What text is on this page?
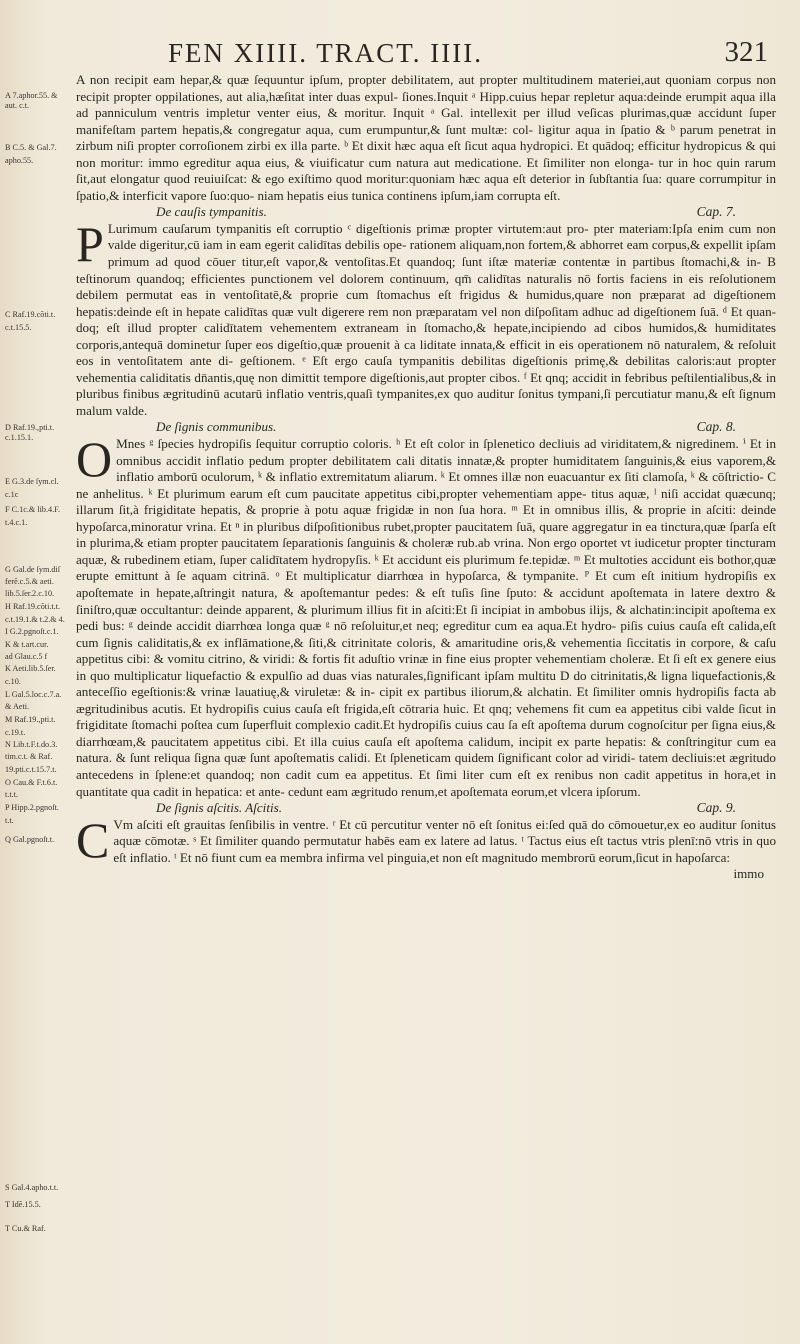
FEN XIIII. TRACT. IIII.	321
A 7.aphor.55. &
aut. c.t.
B C.5. & Gal.7.
apho.55.
C Raf.19.cõti.t.
c.t.15.5.
D Raf.19.,pti.t.
c.1.15.1.
E G.3.de ſym.cl.
c.1c
F C.1c.& lib.4.F.
t.4.c.1.
G Gal.de ſym.diſ
ferẽ.c.5.& aeti.
lib.5.ſer.2.c.10.
H Raf.19.cõti.t.t.
c.t.19.1.& t.2.& 4.
I G.2.pgnoſt.c.1.
K & t.art.cur.
ad Glau.c.5 f
K Aeti.lib.5.ſer.
c.10.
L Gal.5.loc.c.7.a.
& Aeti.
M Raf.19.,pti.t.
c.19.t.
N Lib.t.F.t.do.3.
tim.c.t. & Raf.
19.pti.c.t.15.7.t.
O Cau.& F.t.6.t.
t.t.t.
P Hipp.2.pgnoſt.
t.t.
Q Gal.pgnoſt.t.
S Gal.4.apho.t.t.
T Idẽ.15.5.
T Cu.& Raf.

A non recipit eam hepar,& quæ ſequuntur ipſum, propter debilitatem, aut propter multitudinem materiei,aut quoniam corpus non recipit propter oppilationes, aut alia,hæſitat inter duas expul- ſiones.Inquit ᵃ Hipp.cuius hepar repletur aqua:deinde erumpit aqua illa ad panniculum ventris impletur venter eius, & moritur. Inquit ᵃ Gal. intellexit per illud veſicas plurimas,quæ accidunt ſuper manifeſtam partem hepatis,& congregatur aqua, cum erumpuntur,& ſunt multæ: col- ligitur aqua in ſpatio & ᵇ parum penetrat in zirbum niſi propter corroſionem zirbi ex illa parte. ᵇ Et dixit hæc aqua eſt ſicut aqua hydropici. Et quādoq; efficitur hydropicus & qui non moritur: immo egreditur aqua eius, & viuificatur cum natura aut medicatione. Et ſimiliter non elonga- tur in hoc quin rarum ſit,aut elongatur quod reuiuiſcat: & ego exiſtimo quod moritur:quoniam hæc aqua eſt deterior in ſubſtantia ſua: quare corrumpitur in ſpatio,& interficit vapore ſuo:quo- niam hepatis eius tunica continens ipſum,iam corrupta eſt.

De cauſis tympanitis.	Cap. 7.

P Lurimum cauſarum tympanitis eſt corruptio ᶜ digeſtionis primæ propter virtutem:aut pro- pter materiam:Ipſa enim cum non valde digeritur,cū iam in eam egerit calidītas debilis ope- rationem aliquam,non fortem,& abhorret eam corpus,& expellit ipſam primum ad quod cōuer titur,eſt vapor,& ventoſitas.Et quandoq; ſunt iſtæ materiæ contentæ in partibus ſtomachi,& in- B teſtinorum quandoq; efficientes punctionem vel dolorem continuum, qm̄ calidītas naturalis nō fortis faciens in eis reſolutionem debilem permutat eas in ventoſitatē,& proprie cum ſtomachus eſt frigidus & humidus,quare non præparat ad digeſtionem hepatis:deinde eſt in hepate calidītas quæ vult digerere rem non præparatam vel non diſpoſitam adhuc ad digeſtionem ſuā. ᵈ Et quan- doq; eſt illud propter calidītatem vehementem extraneam in ſtomacho,& hepate,incipiendo ad cibos humidos,& humiditates corporis,antequā dominetur ſuper eos digeſtio,quæ prouenit à ca liditate innata,& efficit in eis operationem nō naturalem, & reſoluit eos in ventoſitatem ante di- geſtionem. ᵉ Eſt ergo cauſa tympanitis debilitas digeſtionis primę,& debilitas caloris:aut propter vehementia caliditatis dn̄antis,quę non dimittit tempore digeſtionis,aut propter cibos. ᶠ Et qnq; accidit in febribus peſtilentialibus,& in pluribus finibus ægritudinū acutarū inflatio ventris,quaſi tympanites,ex quo auditur ſonitus tympani,ſi percutiatur manu,& eſt ſignum malum valde.

De ſignis communibus.	Cap. 8.

O Mnes ᵍ ſpecies hydropiſis ſequitur corruptio coloris. ʰ Et eſt color in ſplenetico decliuis ad viriditatem,& nigredinem. ⁱ Et in omnibus accidit inflatio pedum propter debilitatem cali ditatis innatæ,& propter humiditatem ſanguinis,& eius vaporem,& inflatio amborū oculorum, ᵏ & inflatio extremitatum aliarum. ᵏ Et omnes illæ non euacuantur ex ſiti clamoſa, ᵏ & cōſtrictio- C ne anhelitus. ᵏ Et plurimum earum eſt cum paucitate appetitus cibi,propter vehementiam appe- titus aquæ, ˡ niſi accidat quæcunq; illarum ſit,à frigiditate hepatis, & proprie à potu aquæ frigidæ in non ſua hora. ᵐ Et in omnibus illis, & proprie in aſciti: deinde hypoſarca,minoratur vrina. Et ⁿ in pluribus diſpoſitionibus rubet,propter paucitatem ſuā, quare aggregatur in ea tinctura,quæ ſparſa eſt in plurima,& etiam propter paucitatem ſeparationis ſanguinis & choleræ rub.ab vrina. Non ergo oportet vt iudicetur propter tincturam aquæ, & rubedinem etiam, ſuper calidītatem hydropyſis. ᵏ Et accidunt eis plurimum fe.tepidæ. ᵐ Et multoties accidunt eis bothor,quæ erupte emittunt à ſe aquam citrinā. ᵒ Et multiplicatur diarrhœa in hypoſarca, & tympanite. ᴾ Et cum eſt initium hydropiſis ex apoſtemate in hepate,aſtringit natura, & apoſtemantur pedes: & eſt tuſis ſine ſputo: & accidunt apoſtemata in latere dextro & ſiniſtro,quæ occultantur: deinde apparent, & plurimum illius fit in aſciti:Et ſi incipiat in ambobus ilijs, & alchatin:incipit apoſtema ex pedi bus: ᵍ deinde accidit diarrhœa longa quæ ᵍ nō reſoluitur,et neq; egreditur cum ea aqua.Et hydro- piſis cuius cauſa eſt calida,eſt cum ſignis caliditatis,& ex inflāmatione,& ſiti,& citrinitate coloris, & amaritudine oris,& vehementia ſiccitatis in corpore, & caſu appetitus cibi: & vomitu citrino, & viridi: & fortis fit aduſtio vrinæ in fine eius propter vehementiam choleræ. Et ſi eſt ex genere eius in quo multiplicatur liquefactio & expulſio ad duas vias naturales,ſignificant ipſam multitu D do citrinitatis,& ligna liquefactionis,& anteceſſio egeſtionis:& vrinæ lauatiuę,& viruletæ: & in- cipit ex partibus iliorum,& alchatin. Et ſimiliter omnis hydropiſis facta ab ægritudinibus acutis. Et hydropiſis cuius cauſa eſt frigida,eſt cōtraria huic. Et qnq; vehemens fit cum ea appetitus cibi valde ſicut in frigiditate ſtomachi poſtea cum ſuperfluit complexio cadit.Et hydropiſis cuius cau ſa eſt apoſtema durum cognoſcitur per ſigna eius,& diarrhœam,& paucitatem appetitus cibi. Et illa cuius cauſa eſt apoſtema calidum, incipit ex parte hepatis: & conſtringitur cum ea natura. & ſunt reliqua ſigna quæ ſunt apoſtematis calidi. Et ſpleneticam quidem ſignificant color ad viridi- tatem decliuis:et ægritudo antecedens in ſplene:et quandoq; non cadit cum ea appetitus. Et ſimi liter cum eſt ex renibus non cadit appetitus in hora,et in quantitate qua cadit in hepatica: et ante- cedunt eam ægritudo renum,et apoſtemata eorum,et vlcera ipſorum.

De ſignis aſcitis. Aſcitis.	Cap. 9.

C Vm aſciti eſt grauitas ſenſibilis in ventre. ʳ Et cū percutitur venter nō eſt ſonitus ei:ſed quā do cōmouetur,ex eo auditur ſonitus aquæ cōmotæ. ˢ Et ſimiliter quando permutatur habēs eam ex latere ad latus. ᵗ Tactus eius eſt tactus vtris plenī:nō vtris in quo eſt inflatio. ᵗ Et nō fiunt cum ea membra infirma vel pinguia,et non eſt magnitudo membrorū eorum,ſicut in hapoſarca:

immo
